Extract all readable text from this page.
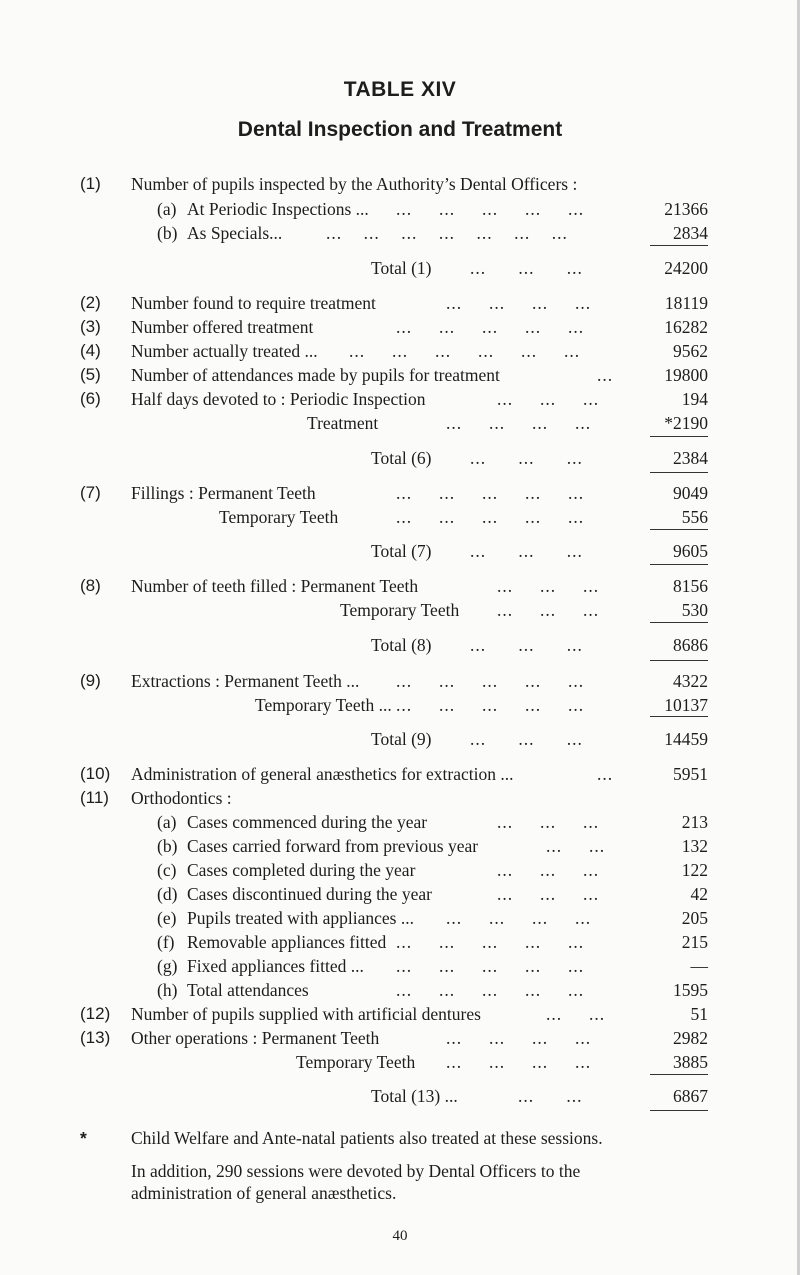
TABLE XIV
Dental Inspection and Treatment
(1) Number of pupils inspected by the Authority’s Dental Officers :
(a) At Periodic Inspections ... ...     ...     ...     ...     ...	21366
(b) As Specials... ...    ...    ...    ...    ...    ...    ...	2834
Total (1) ...      ...      ...	24200
(2) Number found to require treatment	...     ...     ...     ...	18119
(3) Number offered treatment	...     ...     ...     ...     ...	16282
(4) Number actually treated ... ...     ...     ...     ...     ...     ...	9562
(5) Number of attendances made by pupils for treatment	...	19800
(6) Half days devoted to : Periodic Inspection	...     ...     ...	194
Treatment	...     ...     ...     ...	*2190
Total (6) ...      ...      ...	2384
(7) Fillings : Permanent Teeth	...     ...     ...     ...     ...	9049
Temporary Teeth	...     ...     ...     ...     ...	556
Total (7) ...      ...      ...	9605
(8) Number of teeth filled : Permanent Teeth	...     ...     ...	8156
Temporary Teeth ...     ...     ...	530
Total (8) ...      ...      ...	8686
(9) Extractions : Permanent Teeth ... ...     ...     ...     ...     ...	4322
Temporary Teeth ... ...     ...     ...     ...     ...	10137
Total (9) ...      ...      ...	14459
(10) Administration of general anæsthetics for extraction ...	...	5951
(11) Orthodontics :
(a) Cases commenced during the year	...     ...     ...	213
(b) Cases carried forward from previous year	...     ...	132
(c) Cases completed during the year	...     ...     ...	122
(d) Cases discontinued during the year	...     ...     ...	42
(e) Pupils treated with appliances ... ...     ...     ...     ...	205
(f) Removable appliances fitted ...     ...     ...     ...     ...	215
(g) Fixed appliances fitted ... ...     ...     ...     ...     ...	—
(h) Total attendances	...     ...     ...     ...     ...	1595
(12) Number of pupils supplied with artificial dentures	...     ...	51
(13) Other operations : Permanent Teeth	...     ...     ...     ...	2982
Temporary Teeth ...     ...     ...     ...	3885
Total (13) ...	...      ...	6867
*	Child Welfare and Ante-natal patients also treated at these sessions.
In addition, 290 sessions were devoted by Dental Officers to the
administration of general anæsthetics.
40
